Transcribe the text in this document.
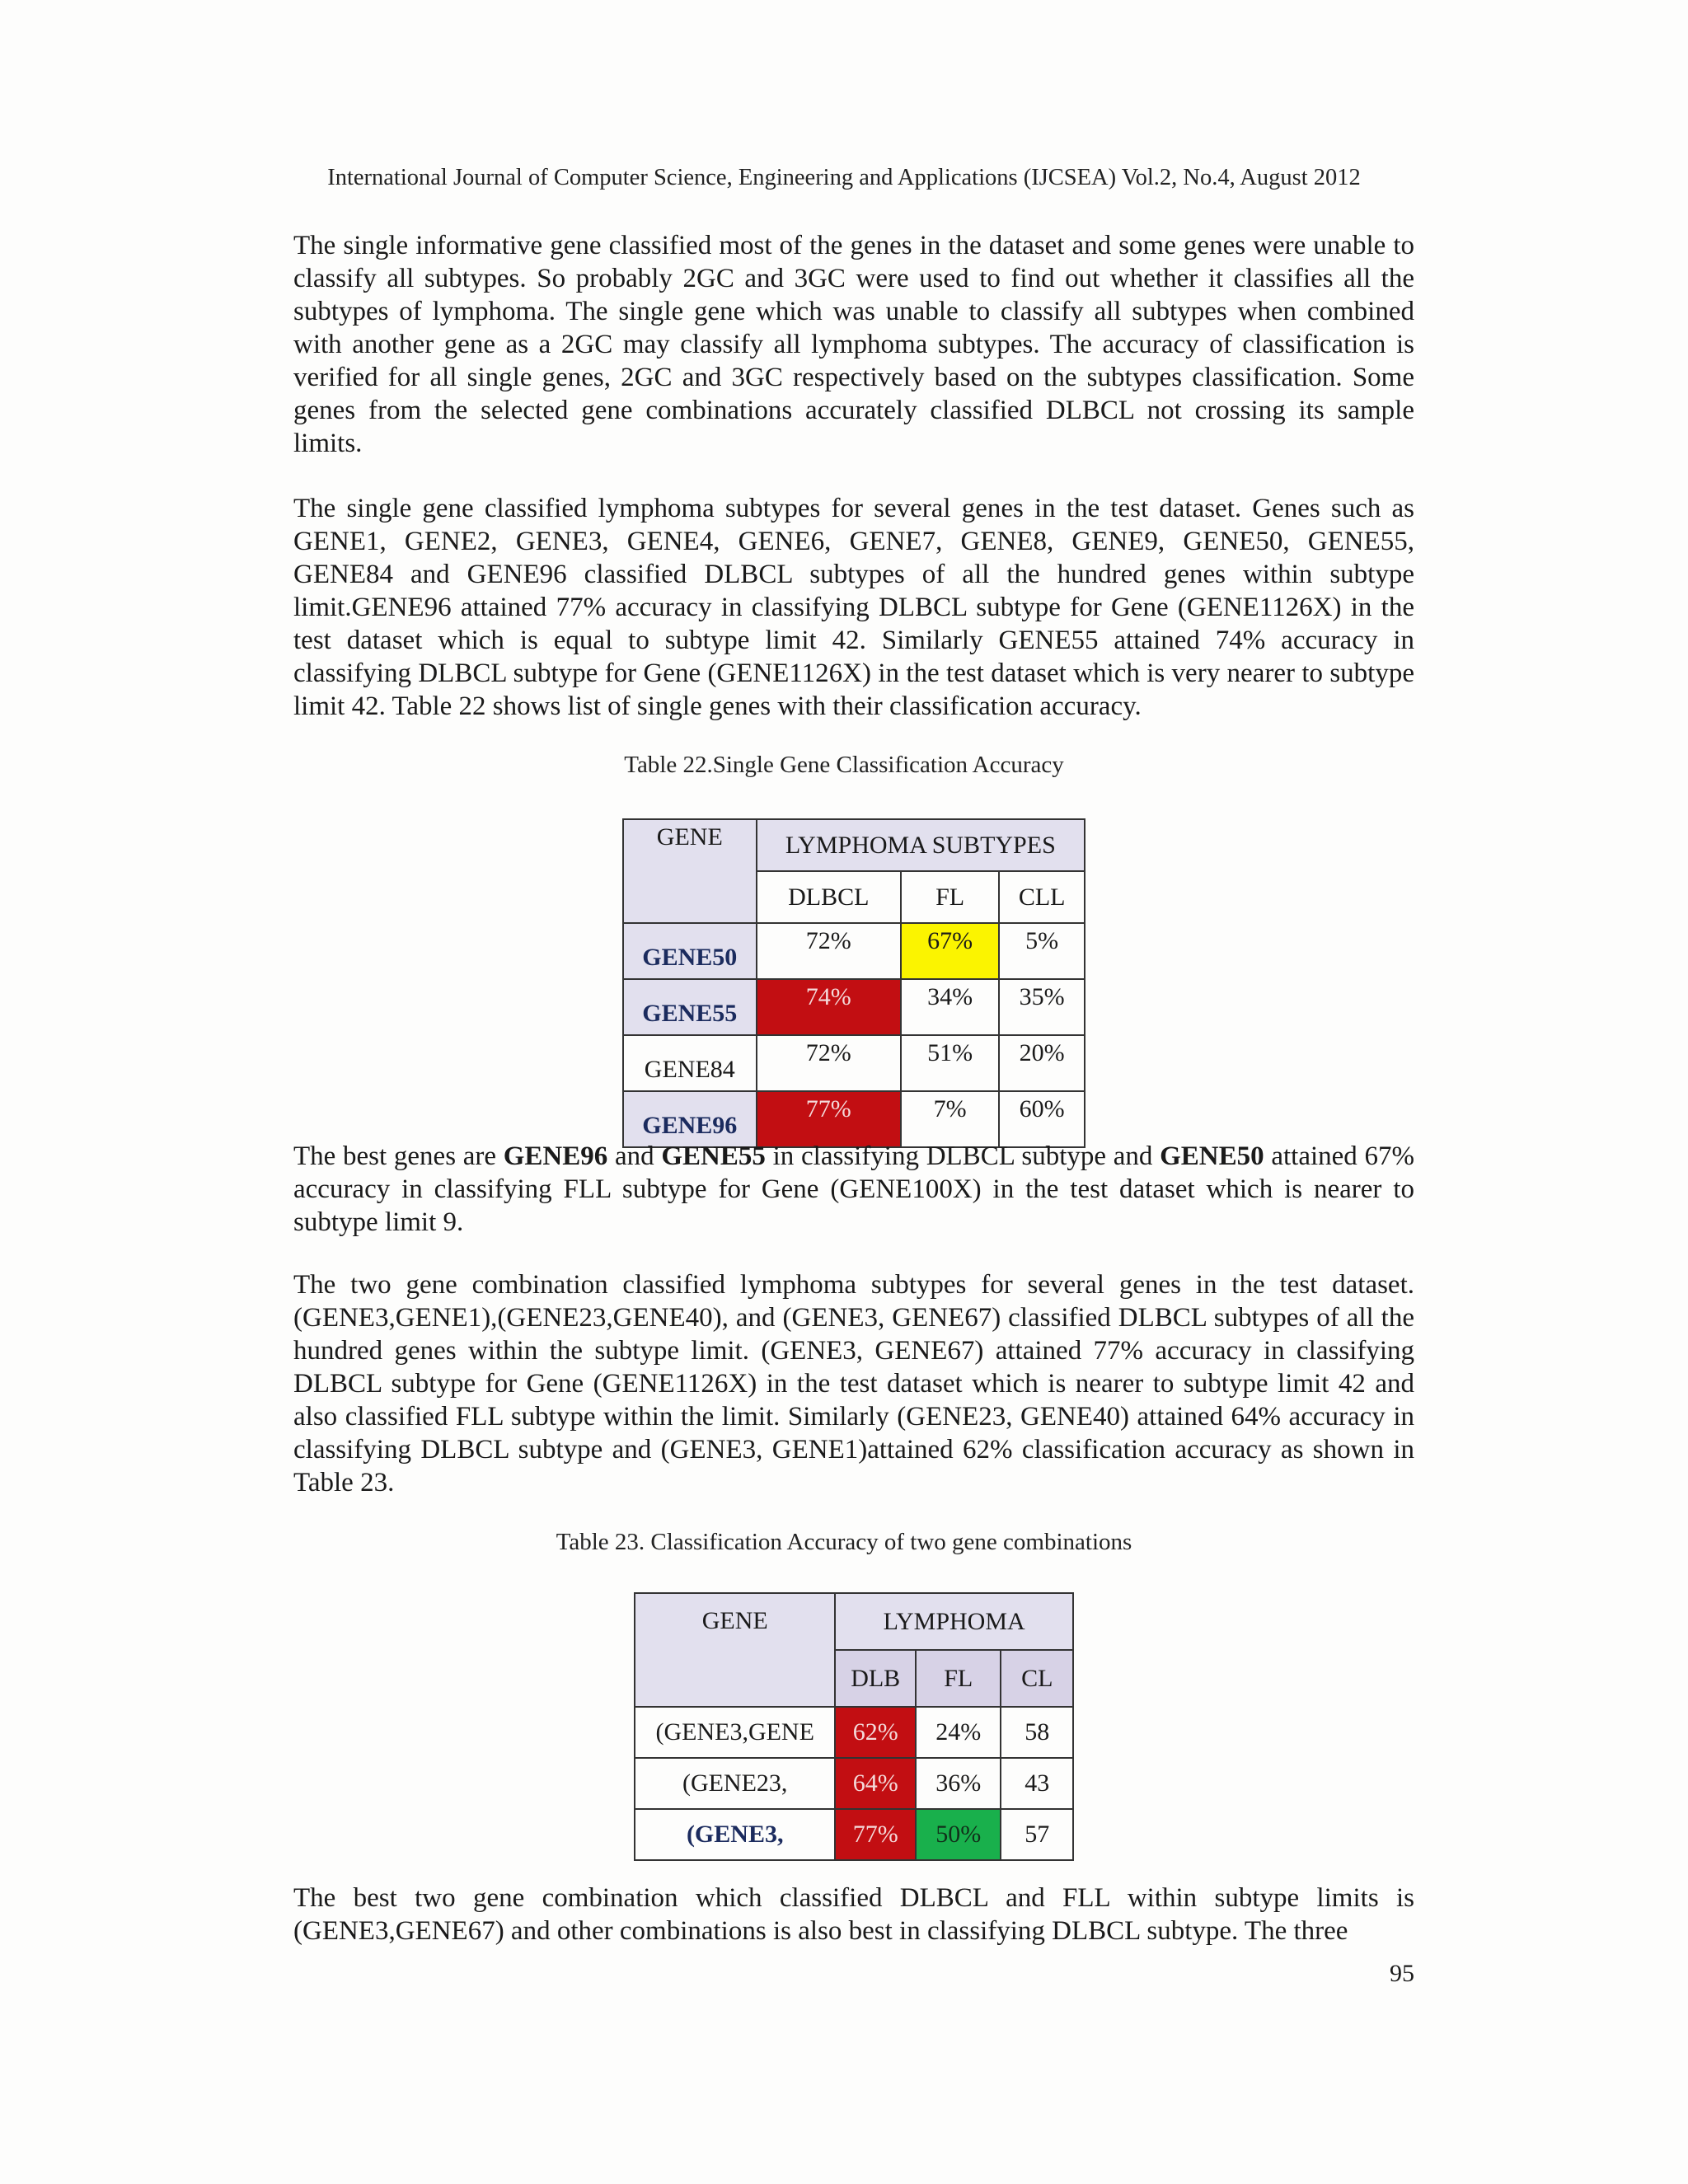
International Journal of Computer Science, Engineering and Applications (IJCSEA) Vol.2, No.4, August 2012

The single informative gene classified most of the genes in the dataset and some genes were unable to classify all subtypes. So probably 2GC and 3GC were used to find out whether it classifies all the subtypes of lymphoma. The single gene which was unable to classify all subtypes when combined with another gene as a 2GC may classify all lymphoma subtypes. The accuracy of classification is verified for all single genes, 2GC and 3GC respectively based on the subtypes classification. Some genes from the selected gene combinations accurately classified DLBCL not crossing its sample limits.

The single gene classified lymphoma subtypes for several genes in the test dataset. Genes such as GENE1, GENE2, GENE3, GENE4, GENE6, GENE7, GENE8, GENE9, GENE50, GENE55, GENE84 and GENE96 classified DLBCL subtypes of all the hundred genes within subtype limit.GENE96 attained 77% accuracy in classifying DLBCL subtype for Gene (GENE1126X) in the test dataset which is equal to subtype limit 42. Similarly GENE55 attained 74% accuracy in classifying DLBCL subtype for Gene (GENE1126X) in the test dataset which is very nearer to subtype limit 42. Table 22 shows list of single genes with their classification accuracy.

Table 22.Single Gene Classification Accuracy
GENE	LYMPHOMA SUBTYPES		
	DLBCL	FL	CLL
GENE50	72%	67%	5%
GENE55	74%	34%	35%
GENE84	72%	51%	20%
GENE96	77%	7%	60%

The best genes are GENE96 and GENE55 in classifying DLBCL subtype and GENE50 attained 67% accuracy in classifying FLL subtype for Gene (GENE100X) in the test dataset which is nearer to subtype limit 9.

The two gene combination classified lymphoma subtypes for several genes in the test dataset. (GENE3,GENE1),(GENE23,GENE40), and (GENE3, GENE67) classified DLBCL subtypes of all the hundred genes within the subtype limit. (GENE3, GENE67) attained 77% accuracy in classifying DLBCL subtype for Gene (GENE1126X) in the test dataset which is nearer to subtype limit 42 and also classified FLL subtype within the limit. Similarly (GENE23, GENE40) attained 64% accuracy in classifying DLBCL subtype and (GENE3, GENE1)attained 62% classification accuracy as shown in Table 23.

Table 23. Classification Accuracy of two gene combinations
GENE	LYMPHOMA		
	DLB	FL	CL
(GENE3,GENE	62%	24%	58
(GENE23,	64%	36%	43
(GENE3,	77%	50%	57

The best two gene combination which classified DLBCL and FLL within subtype limits is (GENE3,GENE67) and other combinations is also best in classifying DLBCL subtype. The three

95
